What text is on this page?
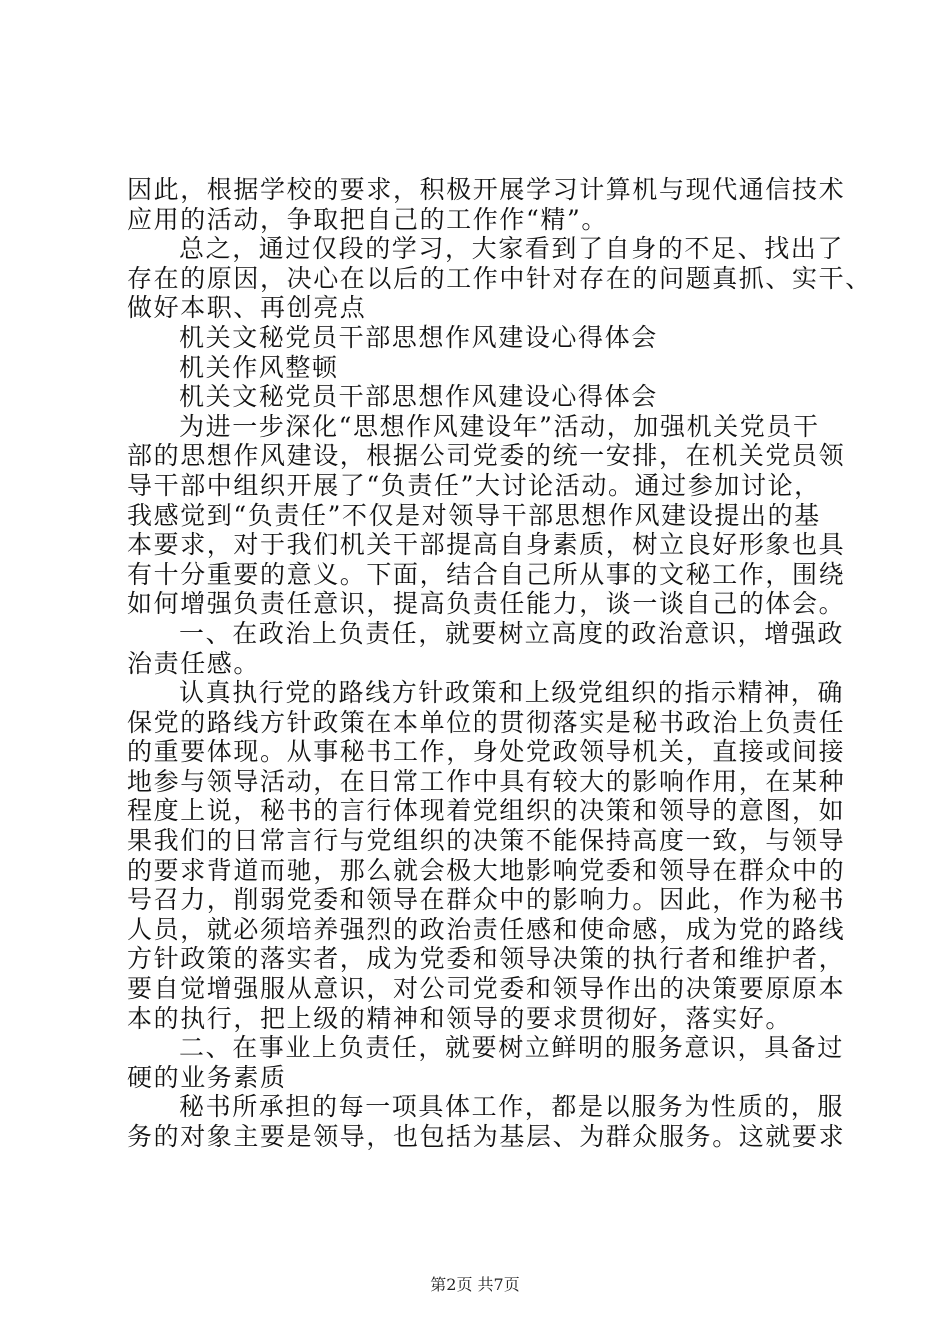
因此，根据学校的要求，积极开展学习计算机与现代通信技术
应用的活动，争取把自己的工作作“精”。
总之，通过仅段的学习，大家看到了自身的不足、找出了
存在的原因，决心在以后的工作中针对存在的问题真抓、实干、
做好本职、再创亮点
机关文秘党员干部思想作风建设心得体会
机关作风整顿
机关文秘党员干部思想作风建设心得体会
为进一步深化“思想作风建设年”活动，加强机关党员干
部的思想作风建设，根据公司党委的统一安排，在机关党员领
导干部中组织开展了“负责任”大讨论活动。通过参加讨论，
我感觉到“负责任”不仅是对领导干部思想作风建设提出的基
本要求，对于我们机关干部提高自身素质，树立良好形象也具
有十分重要的意义。下面，结合自己所从事的文秘工作，围绕
如何增强负责任意识，提高负责任能力，谈一谈自己的体会。
一、在政治上负责任，就要树立高度的政治意识，增强政
治责任感。
认真执行党的路线方针政策和上级党组织的指示精神，确
保党的路线方针政策在本单位的贯彻落实是秘书政治上负责任
的重要体现。从事秘书工作，身处党政领导机关，直接或间接
地参与领导活动，在日常工作中具有较大的影响作用，在某种
程度上说，秘书的言行体现着党组织的决策和领导的意图，如
果我们的日常言行与党组织的决策不能保持高度一致，与领导
的要求背道而驰，那么就会极大地影响党委和领导在群众中的
号召力，削弱党委和领导在群众中的影响力。因此，作为秘书
人员，就必须培养强烈的政治责任感和使命感，成为党的路线
方针政策的落实者，成为党委和领导决策的执行者和维护者，
要自觉增强服从意识，对公司党委和领导作出的决策要原原本
本的执行，把上级的精神和领导的要求贯彻好，落实好。
二、在事业上负责任，就要树立鲜明的服务意识，具备过
硬的业务素质
秘书所承担的每一项具体工作，都是以服务为性质的，服
务的对象主要是领导，也包括为基层、为群众服务。这就要求
第2页 共7页
